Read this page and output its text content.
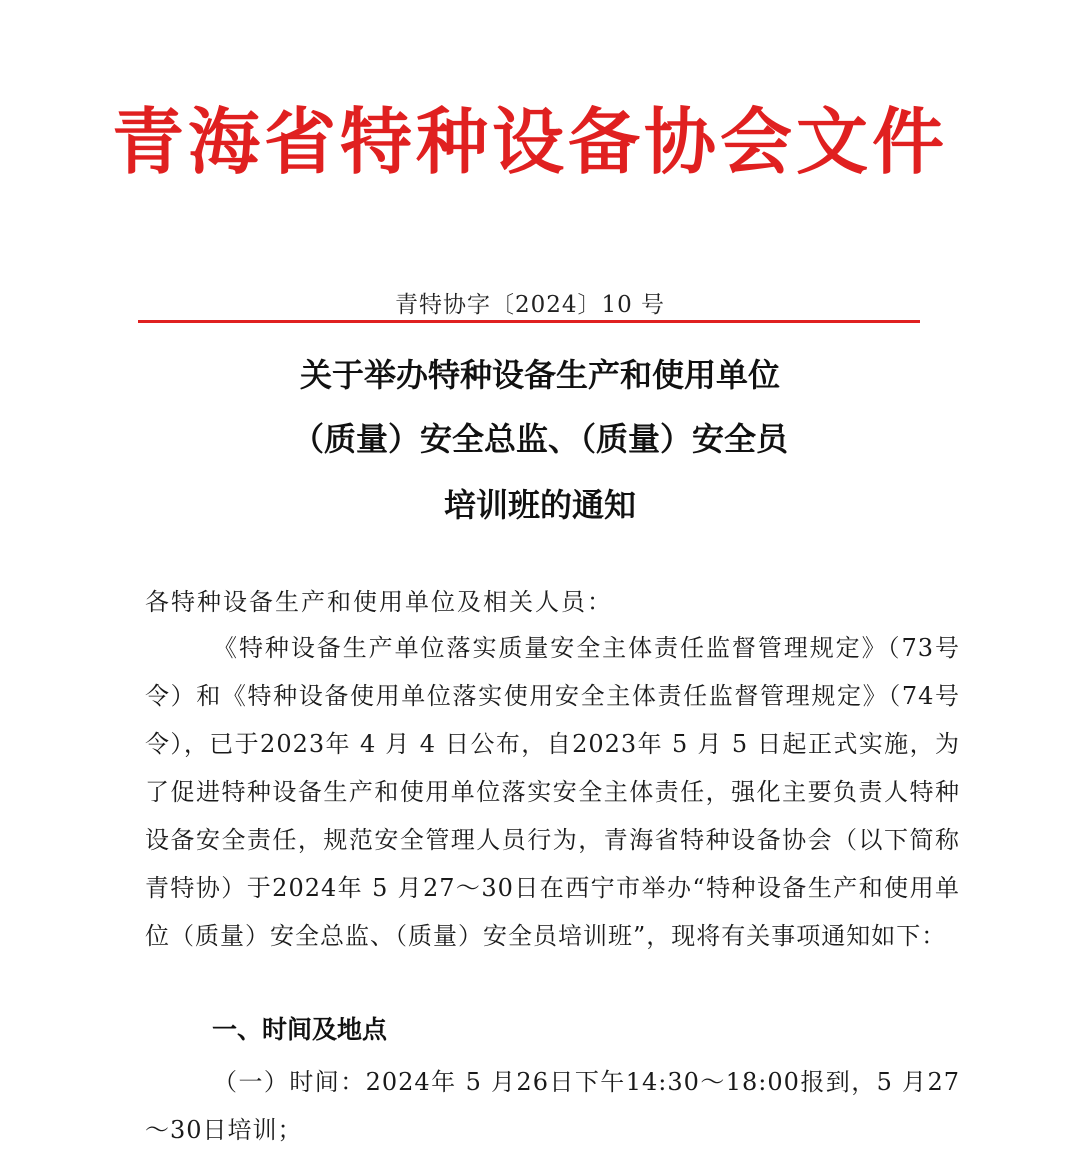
青海省特种设备协会文件
青特协字〔2024〕10 号
关于举办特种设备生产和使用单位
（质量）安全总监、（质量）安全员
培训班的通知
各特种设备生产和使用单位及相关人员：
《特种设备生产单位落实质量安全主体责任监督管理规定》（73号令）和《特种设备使用单位落实使用安全主体责任监督管理规定》（74号令），已于2023年 4 月 4 日公布，自2023年 5 月 5 日起正式实施，为了促进特种设备生产和使用单位落实安全主体责任，强化主要负责人特种设备安全责任，规范安全管理人员行为，青海省特种设备协会（以下简称青特协）于2024年 5 月27～30日在西宁市举办“特种设备生产和使用单位（质量）安全总监、（质量）安全员培训班”，现将有关事项通知如下：
一、时间及地点
（一）时间：2024年 5 月26日下午14:30～18:00报到，5 月27 ～30日培训；
